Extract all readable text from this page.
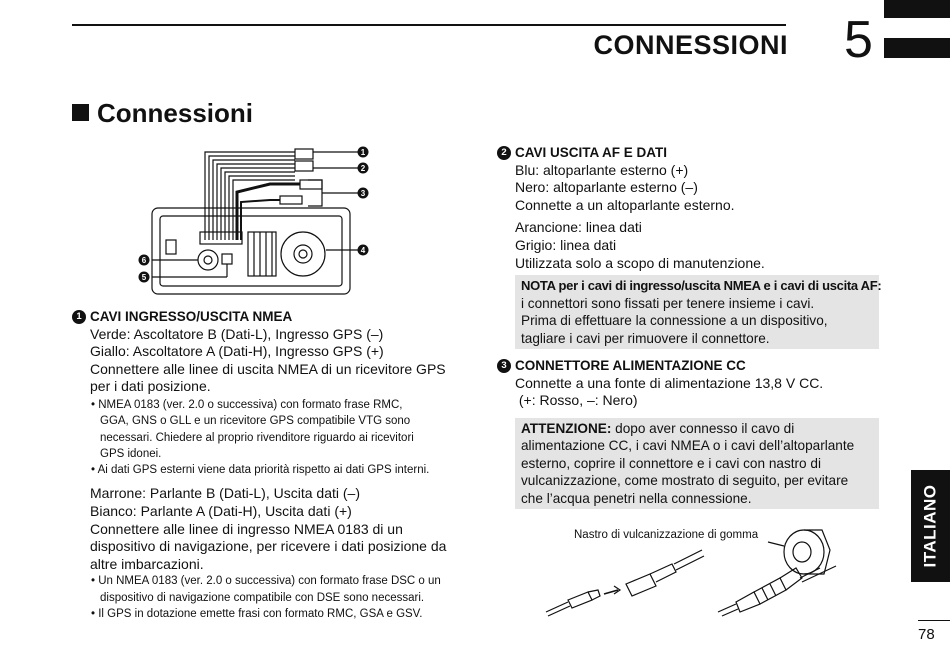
CONNESSIONI 5
Connessioni
1
2
3
4
6
5
1 CAVI INGRESSO/USCITA NMEA
Verde: Ascoltatore B (Dati-L), Ingresso GPS (–)
Giallo: Ascoltatore A (Dati-H), Ingresso GPS (+)
Connettere alle linee di uscita NMEA di un ricevitore GPS
per i dati posizione.
• NMEA 0183 (ver. 2.0 o successiva) con formato frase RMC,
GGA, GNS o GLL e un ricevitore GPS compatibile VTG sono
necessari. Chiedere al proprio rivenditore riguardo ai ricevitori
GPS idonei.
• Ai dati GPS esterni viene data priorità rispetto ai dati GPS interni.
Marrone: Parlante B (Dati-L), Uscita dati (–)
Bianco: Parlante A (Dati-H), Uscita dati (+)
Connettere alle linee di ingresso NMEA 0183 di un
dispositivo di navigazione, per ricevere i dati posizione da
altre imbarcazioni.
• Un NMEA 0183 (ver. 2.0 o successiva) con formato frase DSC o un
dispositivo di navigazione compatibile con DSE sono necessari.
• Il GPS in dotazione emette frasi con formato RMC, GSA e GSV.
2 CAVI USCITA AF E DATI
Blu: altoparlante esterno (+)
Nero: altoparlante esterno (–)
Connette a un altoparlante esterno.
Arancione: linea dati
Grigio: linea dati
Utilizzata solo a scopo di manutenzione.
NOTA per i cavi di ingresso/uscita NMEA e i cavi di uscita AF:
i connettori sono fissati per tenere insieme i cavi.
Prima di effettuare la connessione a un dispositivo,
tagliare i cavi per rimuovere il connettore.
3 CONNETTORE ALIMENTAZIONE CC
Connette a una fonte di alimentazione 13,8 V CC.
(+: Rosso, –: Nero)
ATTENZIONE: dopo aver connesso il cavo di
alimentazione CC, i cavi NMEA o i cavi dell’altoparlante
esterno, coprire il connettore e i cavi con nastro di
vulcanizzazione, come mostrato di seguito, per evitare
che l’acqua penetri nella connessione.
Nastro di vulcanizzazione di gomma	ITALIANO
78
